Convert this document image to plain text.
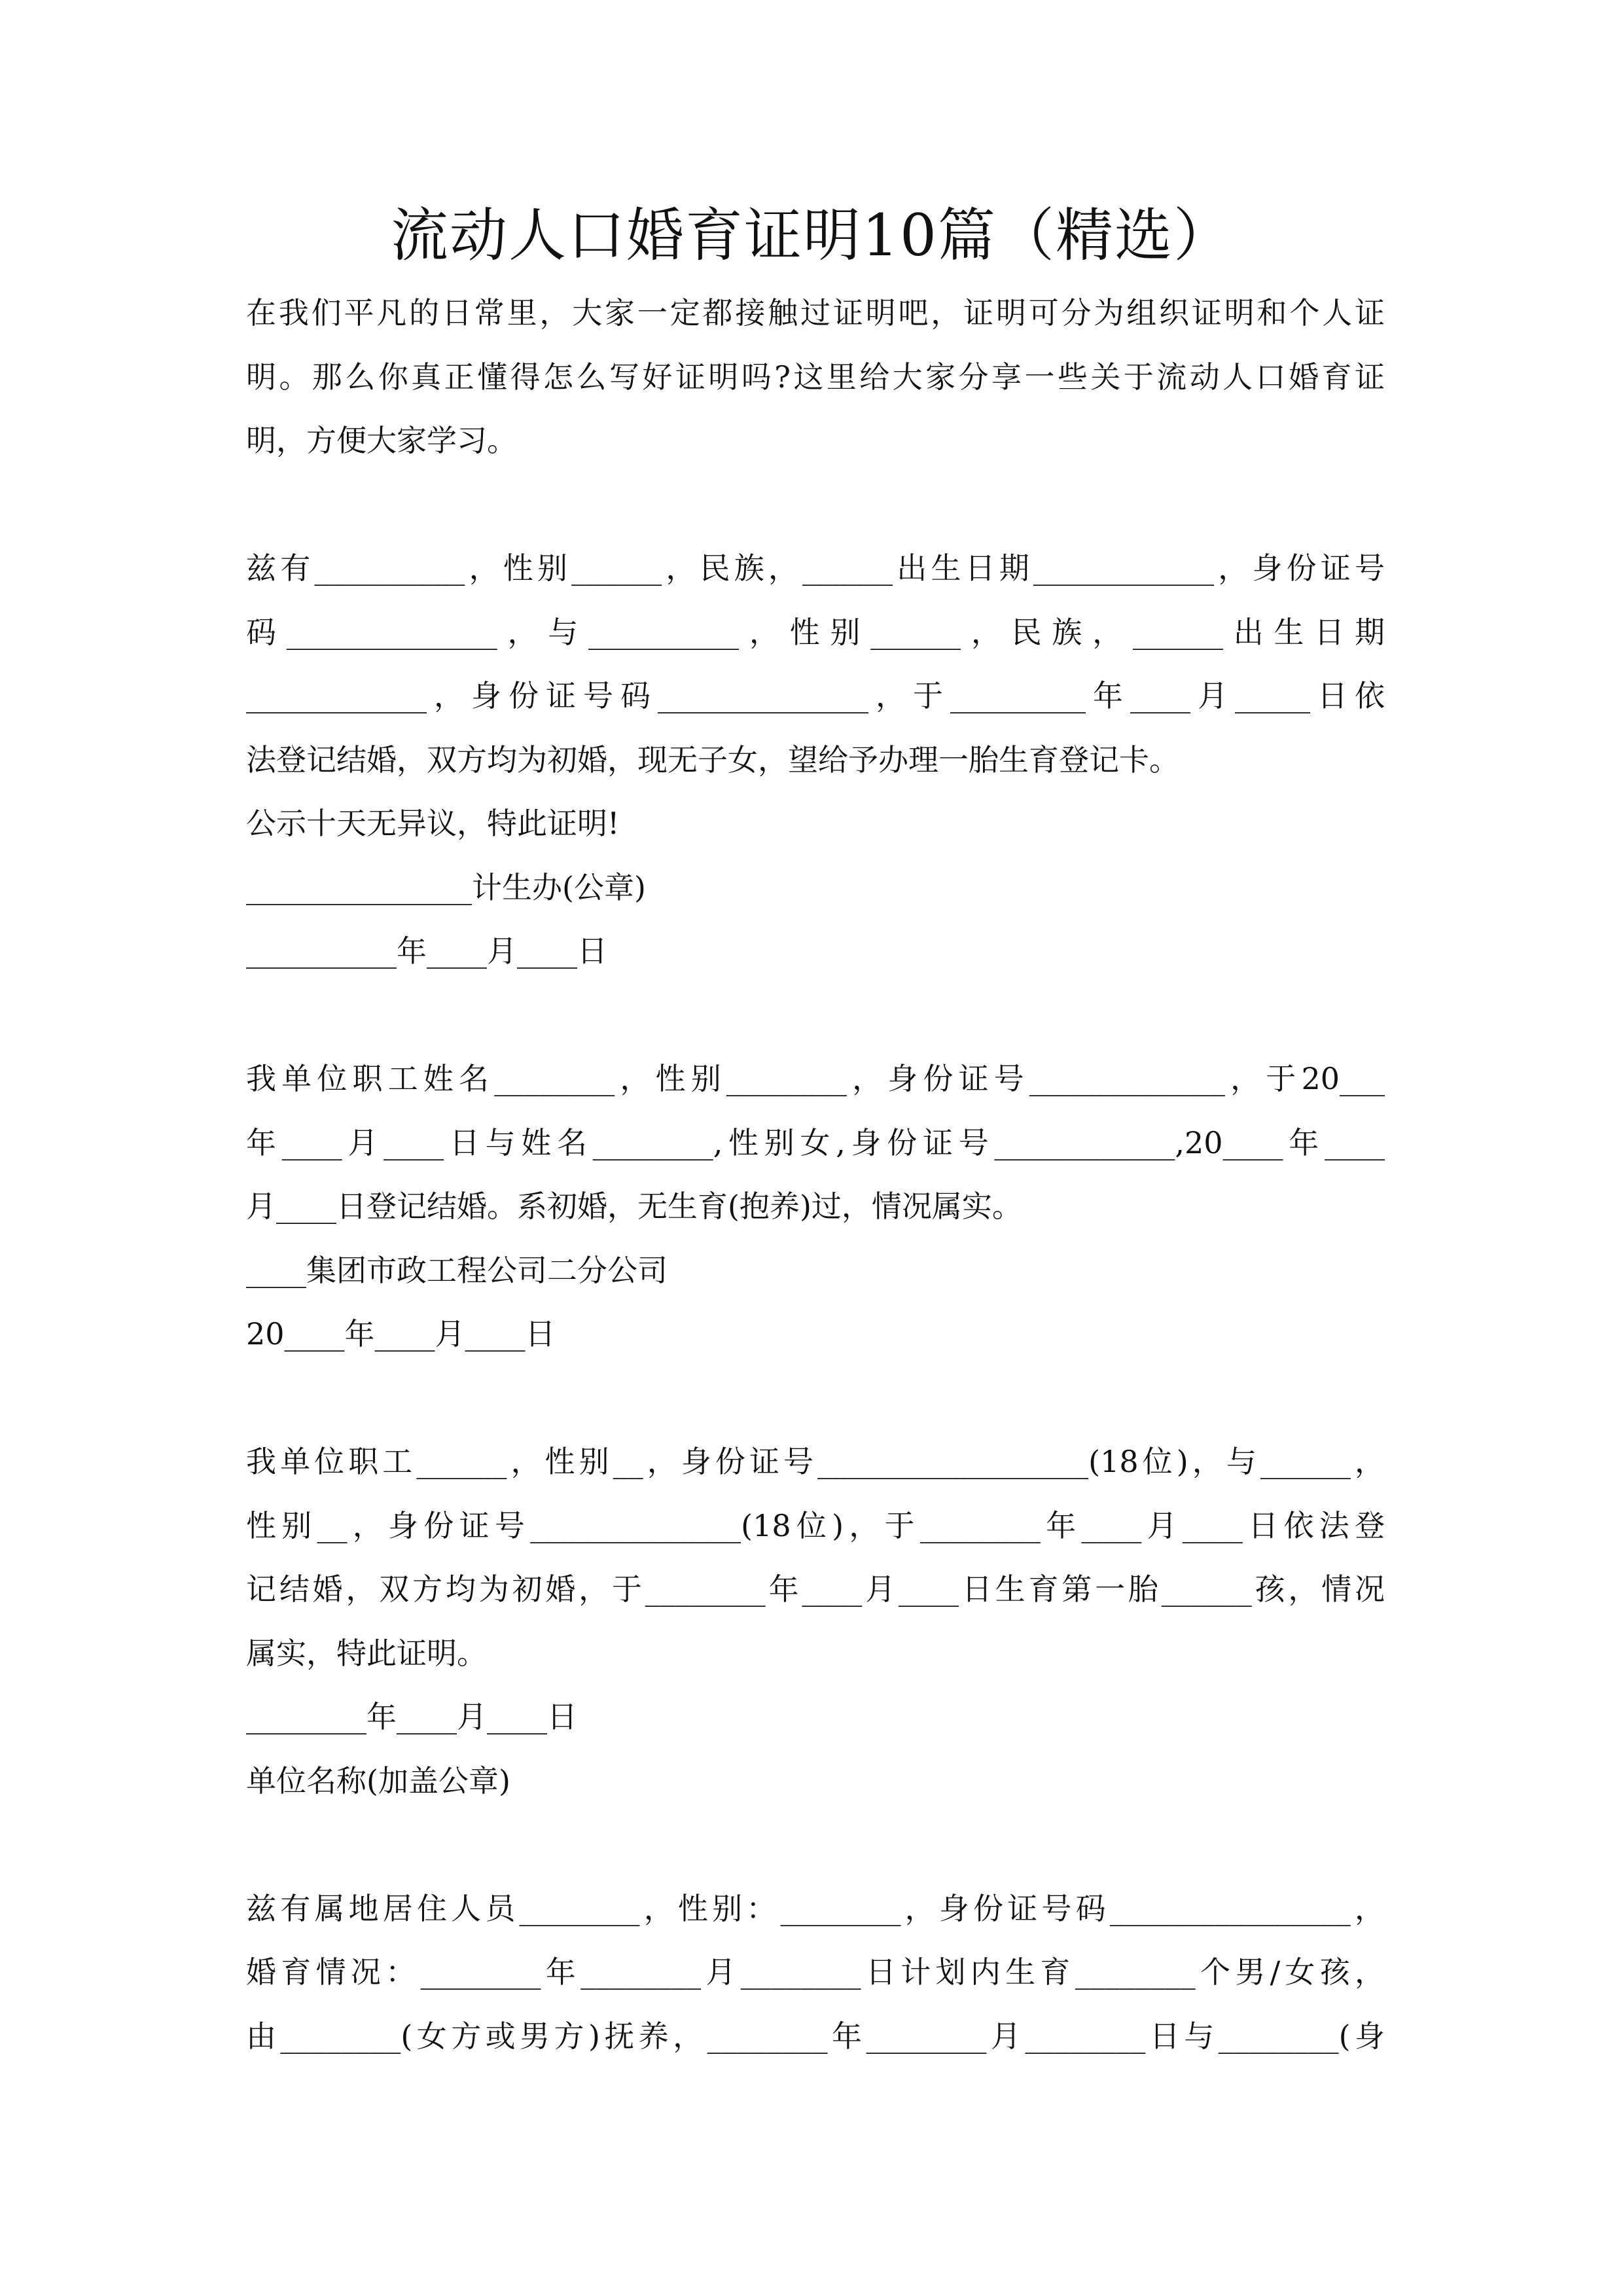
流动人口婚育证明10篇（精选）

在我们平凡的日常里，大家一定都接触过证明吧，证明可分为组织证明和个人证

明。那么你真正懂得怎么写好证明吗?这里给大家分享一些关于流动人口婚育证

明，方便大家学习。

兹有__________，性别______，民族，______出生日期____________，身份证号

码______________，与__________，性别______，民族，______出生日期

____________，身份证号码______________，于_________年____月_____日依

法登记结婚，双方均为初婚，现无子女，望给予办理一胎生育登记卡。

公示十天无异议，特此证明!

_______________计生办(公章)

__________年____月____日

我单位职工姓名________，性别________，身份证号_____________，于20___

年____月____日与姓名________,性别女,身份证号____________,20____年____

月____日登记结婚。系初婚，无生育(抱养)过，情况属实。

____集团市政工程公司二分公司

20____年____月____日

我单位职工______，性别__，身份证号__________________(18位)，与______，

性别__，身份证号______________(18位)，于________年____月____日依法登

记结婚，双方均为初婚，于________年____月____日生育第一胎______孩，情况

属实，特此证明。

________年____月____日

单位名称(加盖公章)

兹有属地居住人员________，性别：________，身份证号码________________，

婚育情况：________年________月________日计划内生育________个男/女孩，

由________(女方或男方)抚养，________年________月________日与________(身
